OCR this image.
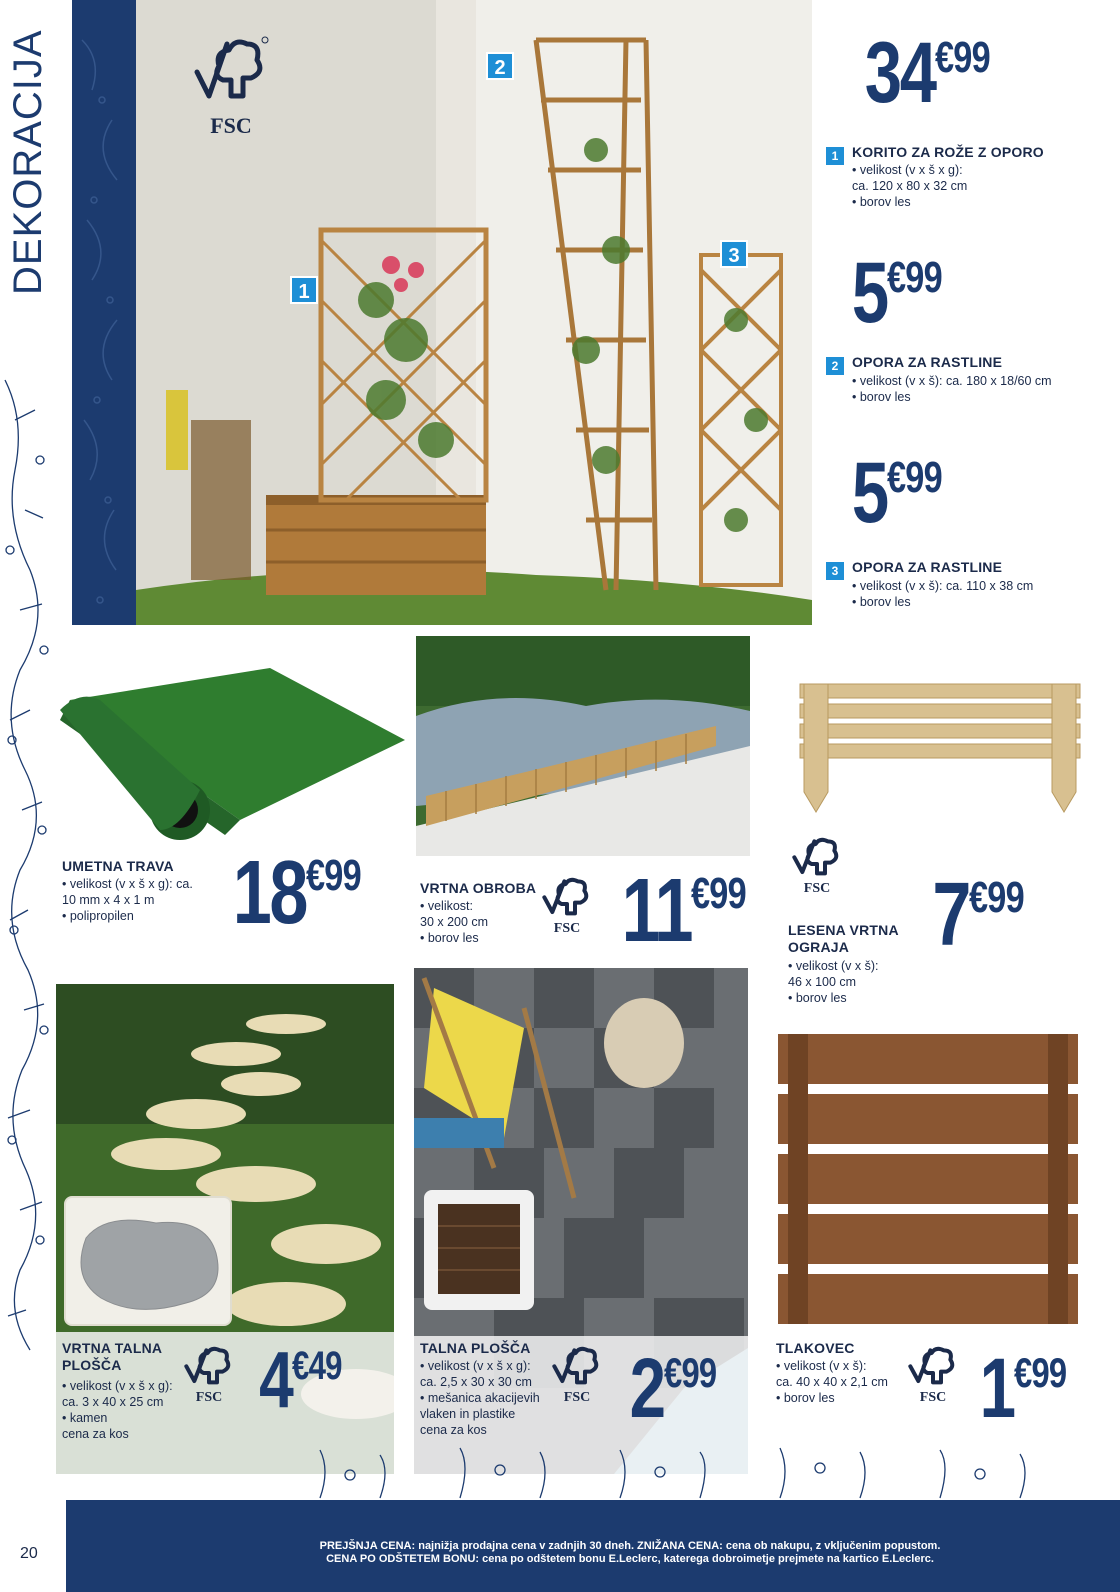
DEKORACIJA	1
2
3
FSC
34 €99
1 KORITO ZA ROŽE Z OPORO
• velikost (v x š x g):
ca. 120 x 80 x 32 cm
• borov les
5 €99
2 OPORA ZA RASTLINE
• velikost (v x š): ca. 180 x 18/60 cm
• borov les
5 €99
3 OPORA ZA RASTLINE
• velikost (v x š): ca. 110 x 38 cm
• borov les
UMETNA TRAVA
• velikost (v x š x g): ca.
10 mm x 4 x 1 m
• polipropilen	18 €99	VRTNA OBROBA
• velikost:
30 x 200 cm
• borov les
FSC 11 €99	FSC
LESENA VRTNA OGRAJA
• velikost (v x š):
46 x 100 cm
• borov les
7 €99
VRTNA TALNA PLOŠČA
• velikost (v x š x g):
ca. 3 x 40 x 25 cm
• kamen
cena za kos
FSC 4 €49	TALNA PLOŠČA
• velikost (v x š x g):
ca. 2,5 x 30 x 30 cm
• mešanica akacijevih
vlaken in plastike
cena za kos
FSC 2 €99
TLAKOVEC
• velikost (v x š):
ca. 40 x 40 x 2,1 cm
• borov les	FSC 1 €99
PREJŠNJA CENA: najnižja prodajna cena v zadnjih 30 dneh. ZNIŽANA CENA: cena ob nakupu, z vključenim popustom.
CENA PO ODŠTETEM BONU: cena po odštetem bonu E.Leclerc, katerega dobroimetje prejmete na kartico E.Leclerc.
20
